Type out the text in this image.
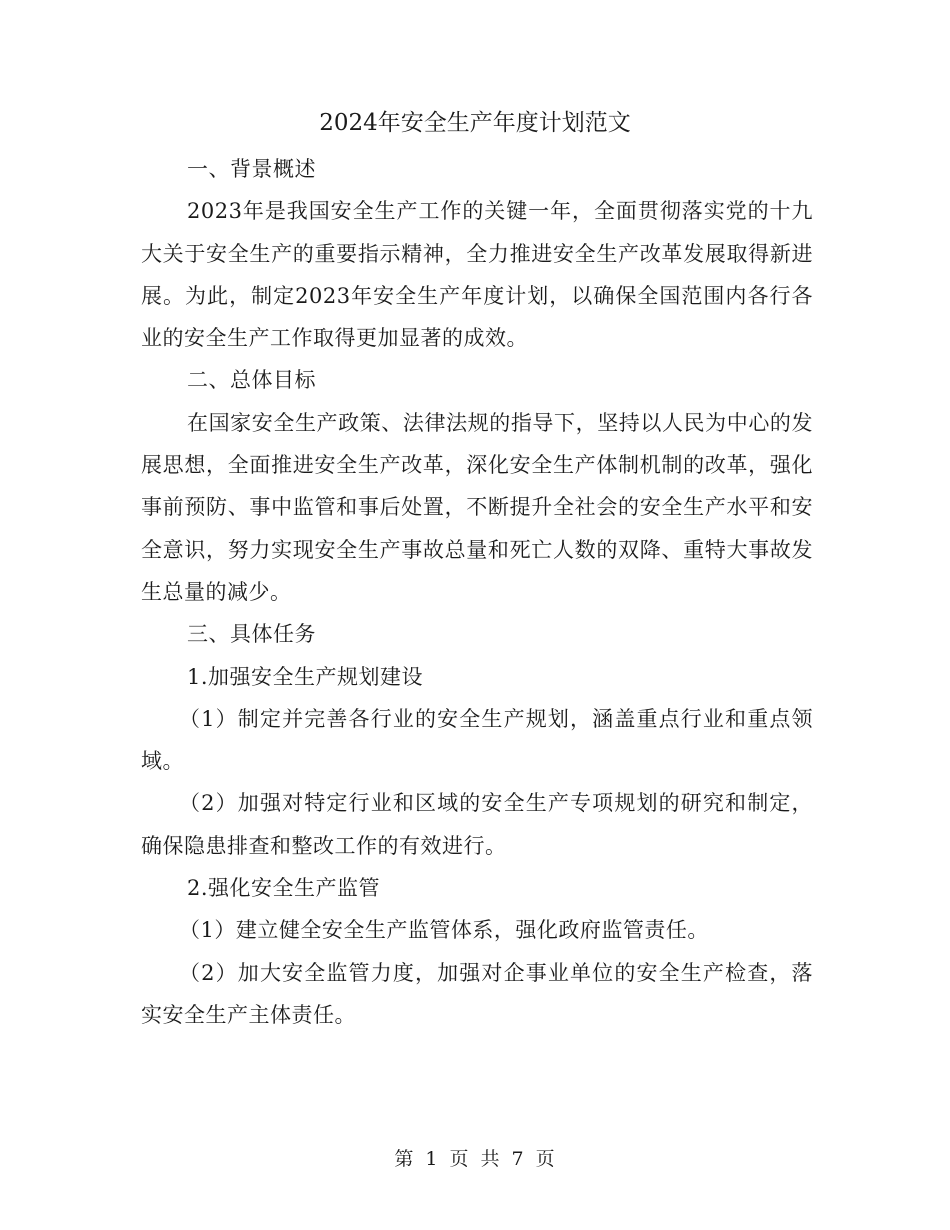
2024年安全生产年度计划范文

一、背景概述

2023年是我国安全生产工作的关键一年，全面贯彻落实党的十九大关于安全生产的重要指示精神，全力推进安全生产改革发展取得新进展。为此，制定2023年安全生产年度计划，以确保全国范围内各行各业的安全生产工作取得更加显著的成效。

二、总体目标

在国家安全生产政策、法律法规的指导下，坚持以人民为中心的发展思想，全面推进安全生产改革，深化安全生产体制机制的改革，强化事前预防、事中监管和事后处置，不断提升全社会的安全生产水平和安全意识，努力实现安全生产事故总量和死亡人数的双降、重特大事故发生总量的减少。

三、具体任务

1.加强安全生产规划建设

（1）制定并完善各行业的安全生产规划，涵盖重点行业和重点领域。

（2）加强对特定行业和区域的安全生产专项规划的研究和制定，确保隐患排查和整改工作的有效进行。

2.强化安全生产监管

（1）建立健全安全生产监管体系，强化政府监管责任。

（2）加大安全监管力度，加强对企事业单位的安全生产检查，落实安全生产主体责任。

第 1 页 共 7 页
